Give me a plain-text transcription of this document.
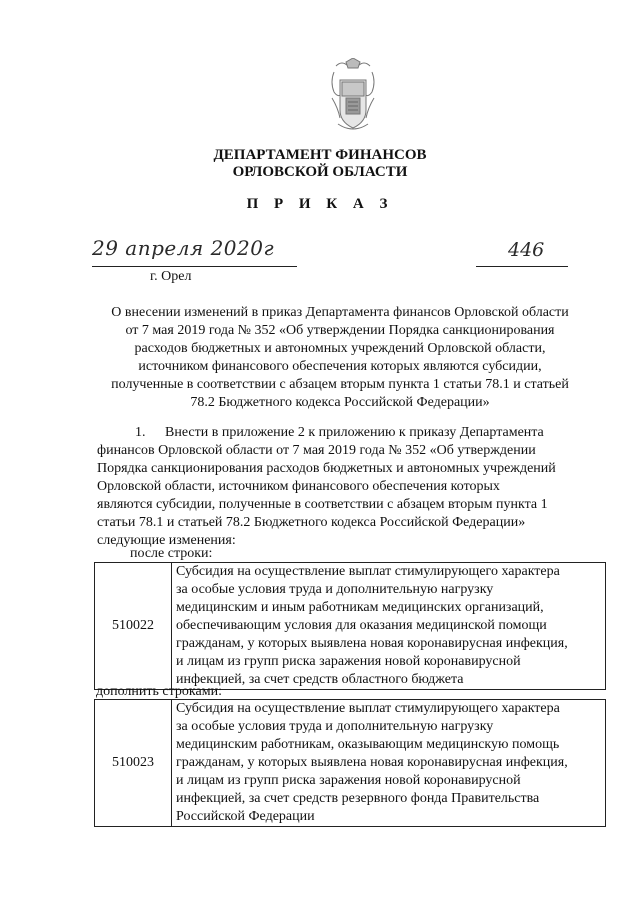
ДЕПАРТАМЕНТ ФИНАНСОВ
ОРЛОВСКОЙ ОБЛАСТИ
П Р И К А З
29 апреля 2020г
г. Орел
446
О внесении изменений в приказ Департамента финансов Орловской области
от 7 мая 2019 года № 352 «Об утверждении Порядка санкционирования
расходов бюджетных и автономных учреждений Орловской области,
источником финансового обеспечения которых являются субсидии,
полученные в соответствии с абзацем вторым пункта 1 статьи 78.1 и статьей
78.2 Бюджетного кодекса Российской Федерации»
1. Внести в приложение 2 к приложению к приказу Департамента
финансов Орловской области от 7 мая 2019 года № 352 «Об утверждении
Порядка санкционирования расходов бюджетных и автономных учреждений
Орловской области, источником финансового обеспечения которых
являются субсидии, полученные в соответствии с абзацем вторым пункта 1
статьи 78.1 и статьей 78.2 Бюджетного кодекса Российской Федерации»
следующие изменения:
после строки:
510022	
Субсидия на осуществление выплат стимулирующего характера
за особые условия труда и дополнительную нагрузку
медицинским и иным работникам медицинских организаций,
обеспечивающим условия для оказания медицинской помощи
гражданам, у которых выявлена новая коронавирусная инфекция,
и лицам из групп риска заражения новой коронавирусной
инфекцией, за счет средств областного бюджета
дополнить строками:
510023	
Субсидия на осуществление выплат стимулирующего характера
за особые условия труда и дополнительную нагрузку
медицинским работникам, оказывающим медицинскую помощь
гражданам, у которых выявлена новая коронавирусная инфекция,
и лицам из групп риска заражения новой коронавирусной
инфекцией, за счет средств резервного фонда Правительства
Российской Федерации
